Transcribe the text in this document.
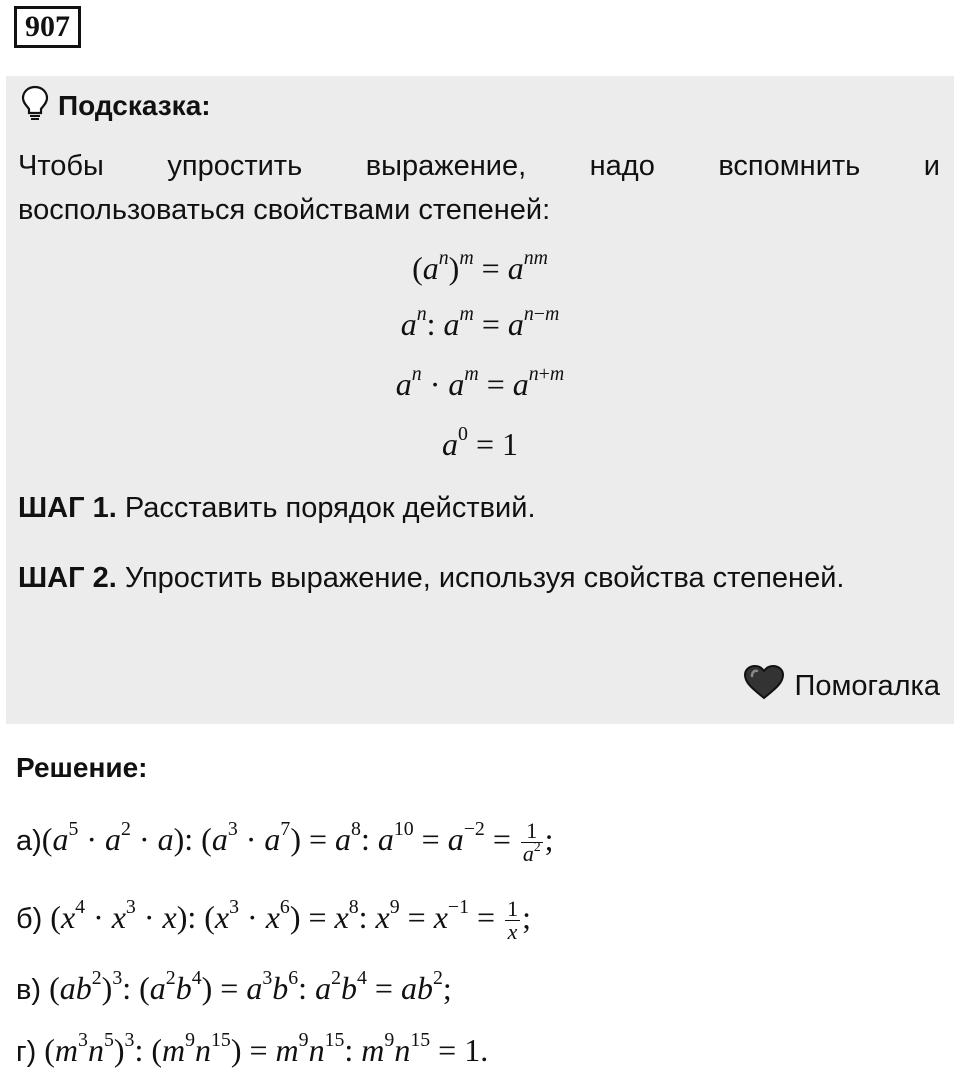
907
Подсказка:
Чтобы упростить выражение, надо вспомнить и
воспользоваться свойствами степеней:
$(a^n)^m = a^{nm}$
$a^n$: $a^m = a^{n-m}$
$a^n \cdot a^m = a^{n+m}$
$a^0 = 1$
ШАГ 1. Расставить порядок действий.
ШАГ 2. Упростить выражение, используя свойства степеней.
Помогалка
Решение:
$а)(a^5 \cdot a^2 \cdot a)$: $(a^3 \cdot a^7) = a^8$: $a^{10} = a^{-2} = \frac{1}{a^2}$ ;
б) $(x^4 \cdot x^3 \cdot x)$: $(x^3 \cdot x^6) = x^8$: $x^9 = x^{-1} = \frac{1}{x}$ ;
в) $(ab^2)^3$: $(a^2b^4) = a^3b^6$: $a^2b^4 = ab^2$;
г) $(m^3n^5)^3$: $(m^9n^{15}) = m^9n^{15}$: $m^9n^{15} = 1$.
